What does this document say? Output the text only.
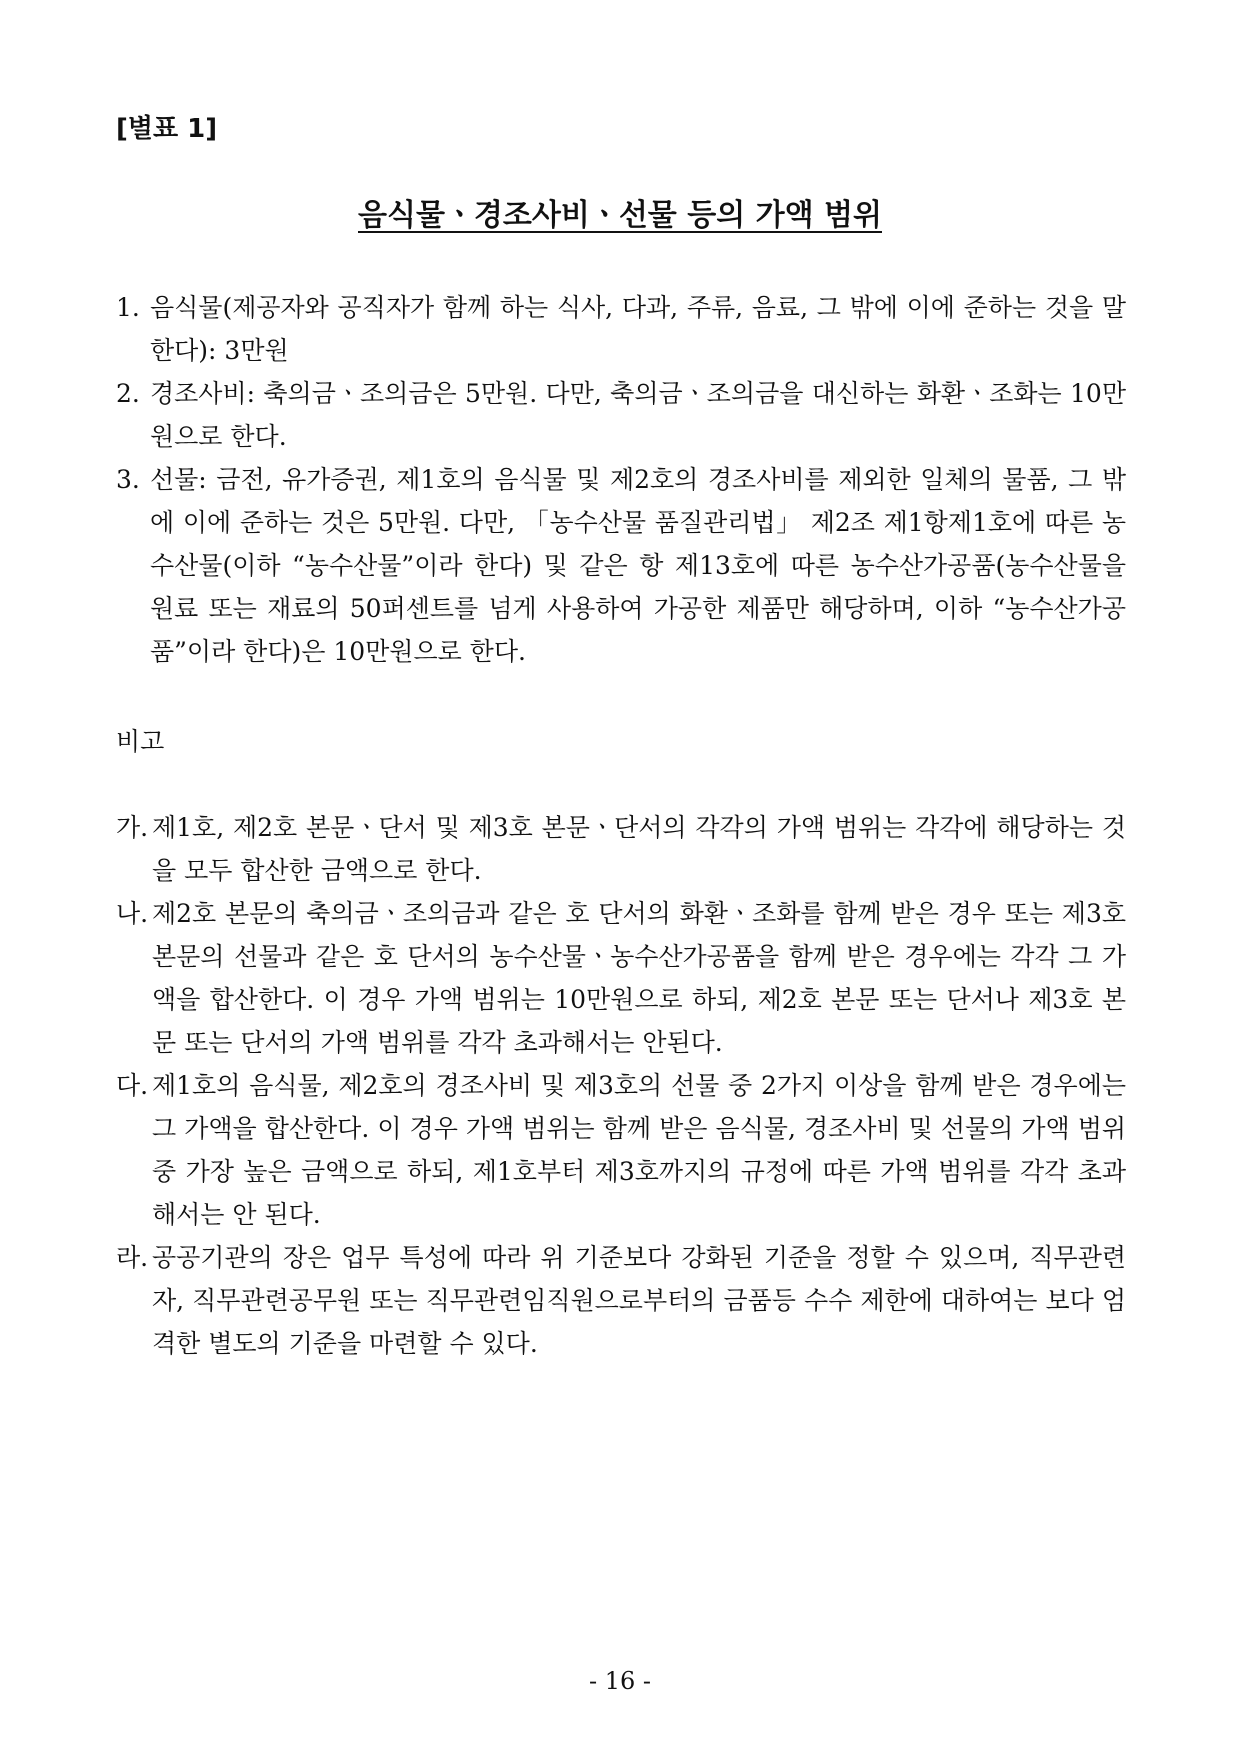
[별표 1]
음식물ㆍ경조사비ㆍ선물 등의 가액 범위

1. 음식물(제공자와 공직자가 함께 하는 식사, 다과, 주류, 음료, 그 밖에 이에 준하는 것을 말한다): 3만원

2. 경조사비: 축의금ㆍ조의금은 5만원. 다만, 축의금ㆍ조의금을 대신하는 화환ㆍ조화는 10만원으로 한다.

3. 선물: 금전, 유가증권, 제1호의 음식물 및 제2호의 경조사비를 제외한 일체의 물품, 그 밖에 이에 준하는 것은 5만원. 다만, 「농수산물 품질관리법」 제2조 제1항제1호에 따른 농수산물(이하 “농수산물”이라 한다) 및 같은 항 제13호에 따른 농수산가공품(농수산물을 원료 또는 재료의 50퍼센트를 넘게 사용하여 가공한 제품만 해당하며, 이하 “농수산가공품”이라 한다)은 10만원으로 한다.

비고

가. 제1호, 제2호 본문ㆍ단서 및 제3호 본문ㆍ단서의 각각의 가액 범위는 각각에 해당하는 것을 모두 합산한 금액으로 한다.

나. 제2호 본문의 축의금ㆍ조의금과 같은 호 단서의 화환ㆍ조화를 함께 받은 경우 또는 제3호 본문의 선물과 같은 호 단서의 농수산물ㆍ농수산가공품을 함께 받은 경우에는 각각 그 가액을 합산한다. 이 경우 가액 범위는 10만원으로 하되, 제2호 본문 또는 단서나 제3호 본문 또는 단서의 가액 범위를 각각 초과해서는 안된다.

다. 제1호의 음식물, 제2호의 경조사비 및 제3호의 선물 중 2가지 이상을 함께 받은 경우에는 그 가액을 합산한다. 이 경우 가액 범위는 함께 받은 음식물, 경조사비 및 선물의 가액 범위 중 가장 높은 금액으로 하되, 제1호부터 제3호까지의 규정에 따른 가액 범위를 각각 초과해서는 안 된다.

라. 공공기관의 장은 업무 특성에 따라 위 기준보다 강화된 기준을 정할 수 있으며, 직무관련자, 직무관련공무원 또는 직무관련임직원으로부터의 금품등 수수 제한에 대하여는 보다 엄격한 별도의 기준을 마련할 수 있다.

- 16 -
